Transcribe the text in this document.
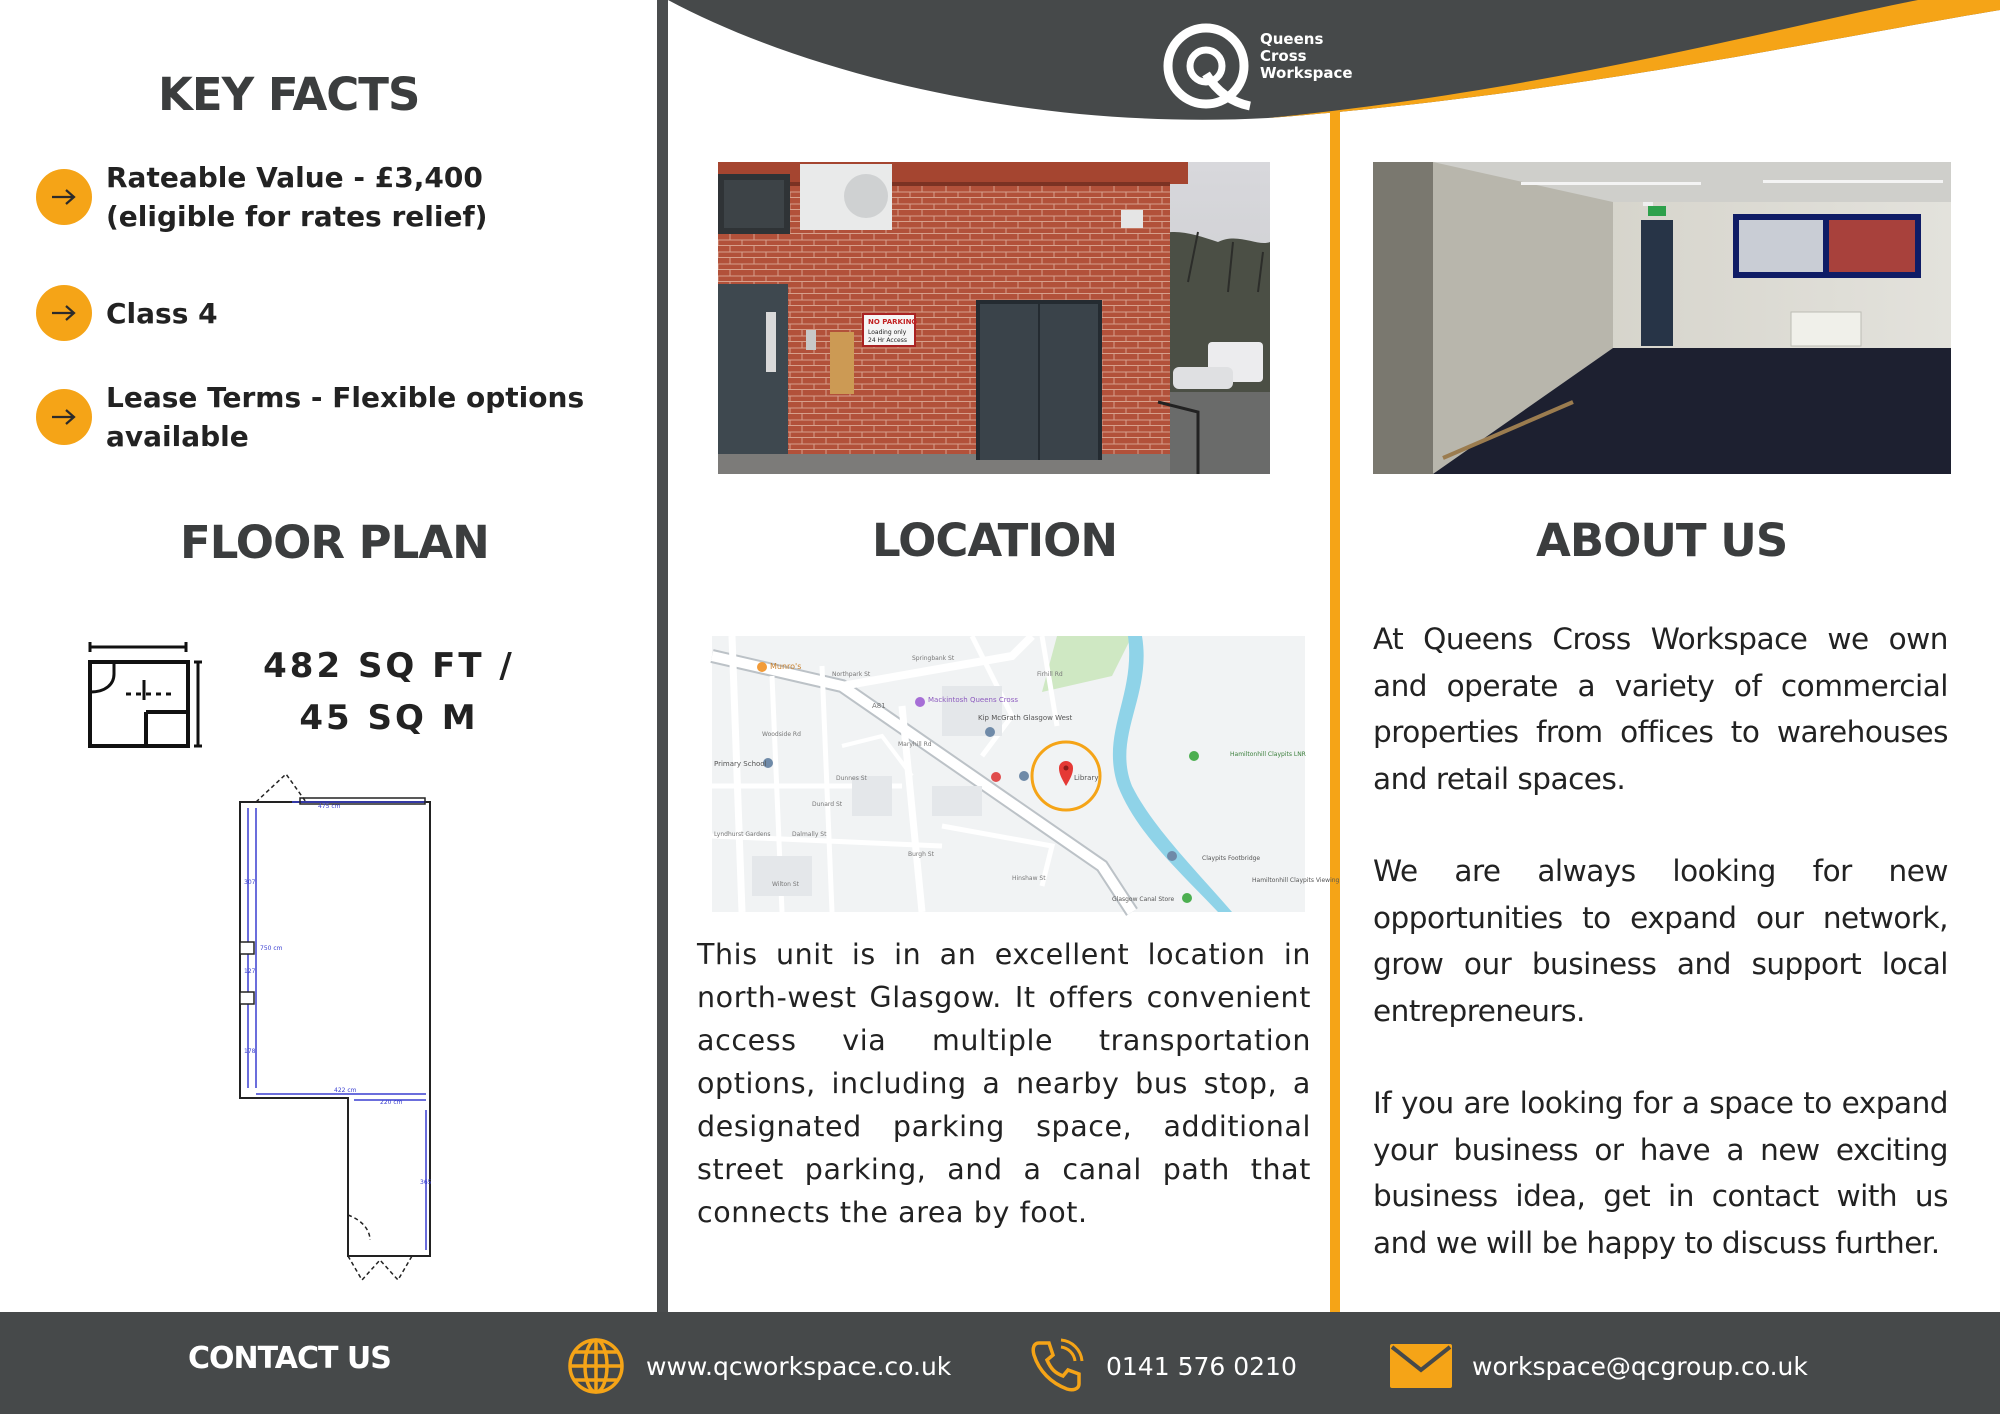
Queens
Cross
Workspace
KEY FACTS
Rateable Value - £3,400
(eligible for rates relief)
Class 4
Lease Terms - Flexible options
available
FLOOR PLAN
482 SQ FT /
45 SQ M
475 cm
307
750 cm
127
178
422 cm
220 cm
365
NO PARKING
Loading only
24 Hr Access
LOCATION
Munro's
Mackintosh Queens Cross
Kip McGrath Glasgow West
Primary School
Library
Hamiltonhill Claypits LNR
Claypits Footbridge
Hamiltonhill Claypits Viewing
Glasgow Canal Store
Firhill Rd
Hinshaw St
A81
Dunard St
Woodside Rd
Maryhill Rd
Burgh St
Lyndhurst Gardens
Wilton St
Dalmally St
Dunnes St
Northpark St
Springbank St
This unit is in an excellent location in north-west Glasgow. It offers convenient access via multiple transportation options, including a nearby bus stop, a designated parking space, additional street parking, and a canal path that connects the area by foot.
ABOUT US

At Queens Cross Workspace we own and operate a variety of commercial properties from offices to warehouses and retail spaces.

We are always looking for new opportunities to expand our network, grow our business and support local entrepreneurs.

If you are looking for a space to expand your business or have a new exciting business idea, get in contact with us and we will be happy to discuss further.

CONTACT US	www.qcworkspace.co.uk	0141 576 0210	workspace@qcgroup.co.uk
